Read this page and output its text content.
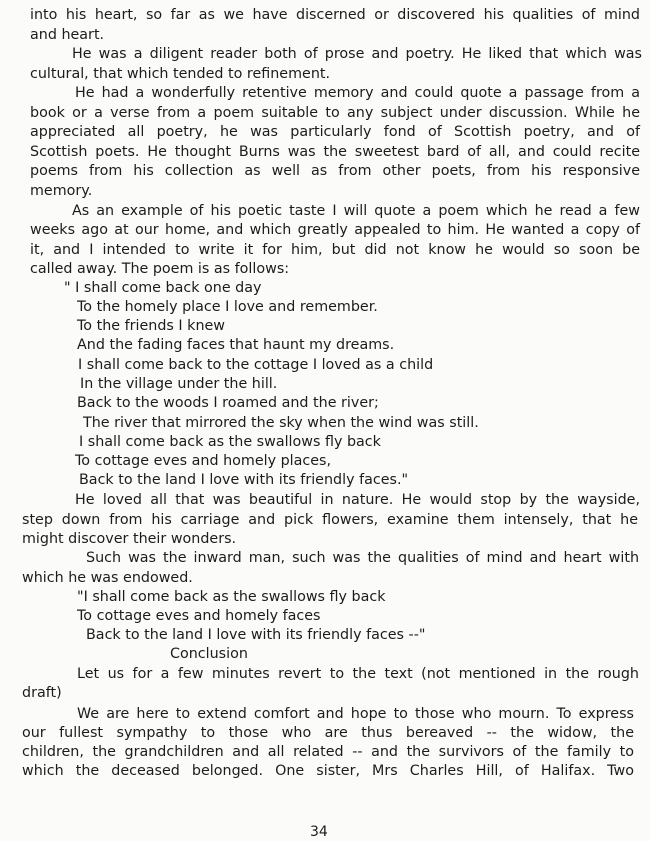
into his heart, so far as we have discerned or discovered his qualities of mind
and heart.
He was a diligent reader both of prose and poetry. He liked that which was
cultural, that which tended to refinement.
He had a wonderfully retentive memory and could quote a passage from a
book or a verse from a poem suitable to any subject under discussion. While he
appreciated all poetry, he was particularly fond of Scottish poetry, and of
Scottish poets. He thought Burns was the sweetest bard of all, and could recite
poems from his collection as well as from other poets, from his responsive
memory.
As an example of his poetic taste I will quote a poem which he read a few
weeks ago at our home, and which greatly appealed to him. He wanted a copy of
it, and I intended to write it for him, but did not know he would so soon be
called away. The poem is as follows:
" I shall come back one day
To the homely place I love and remember.
To the friends I knew
And the fading faces that haunt my dreams.
I shall come back to the cottage I loved as a child
In the village under the hill.
Back to the woods I roamed and the river;
The river that mirrored the sky when the wind was still.
I shall come back as the swallows fly back
To cottage eves and homely places,
Back to the land I love with its friendly faces."
He loved all that was beautiful in nature. He would stop by the wayside,
step down from his carriage and pick flowers, examine them intensely, that he
might discover their wonders.
Such was the inward man, such was the qualities of mind and heart with
which he was endowed.
"I shall come back as the swallows fly back
To cottage eves and homely faces
Back to the land I love with its friendly faces --"
Conclusion
Let us for a few minutes revert to the text (not mentioned in the rough
draft)
We are here to extend comfort and hope to those who mourn. To express
our fullest sympathy to those who are thus bereaved -- the widow, the
children, the grandchildren and all related -- and the survivors of the family to
which the deceased belonged. One sister, Mrs Charles Hill, of Halifax. Two
34
